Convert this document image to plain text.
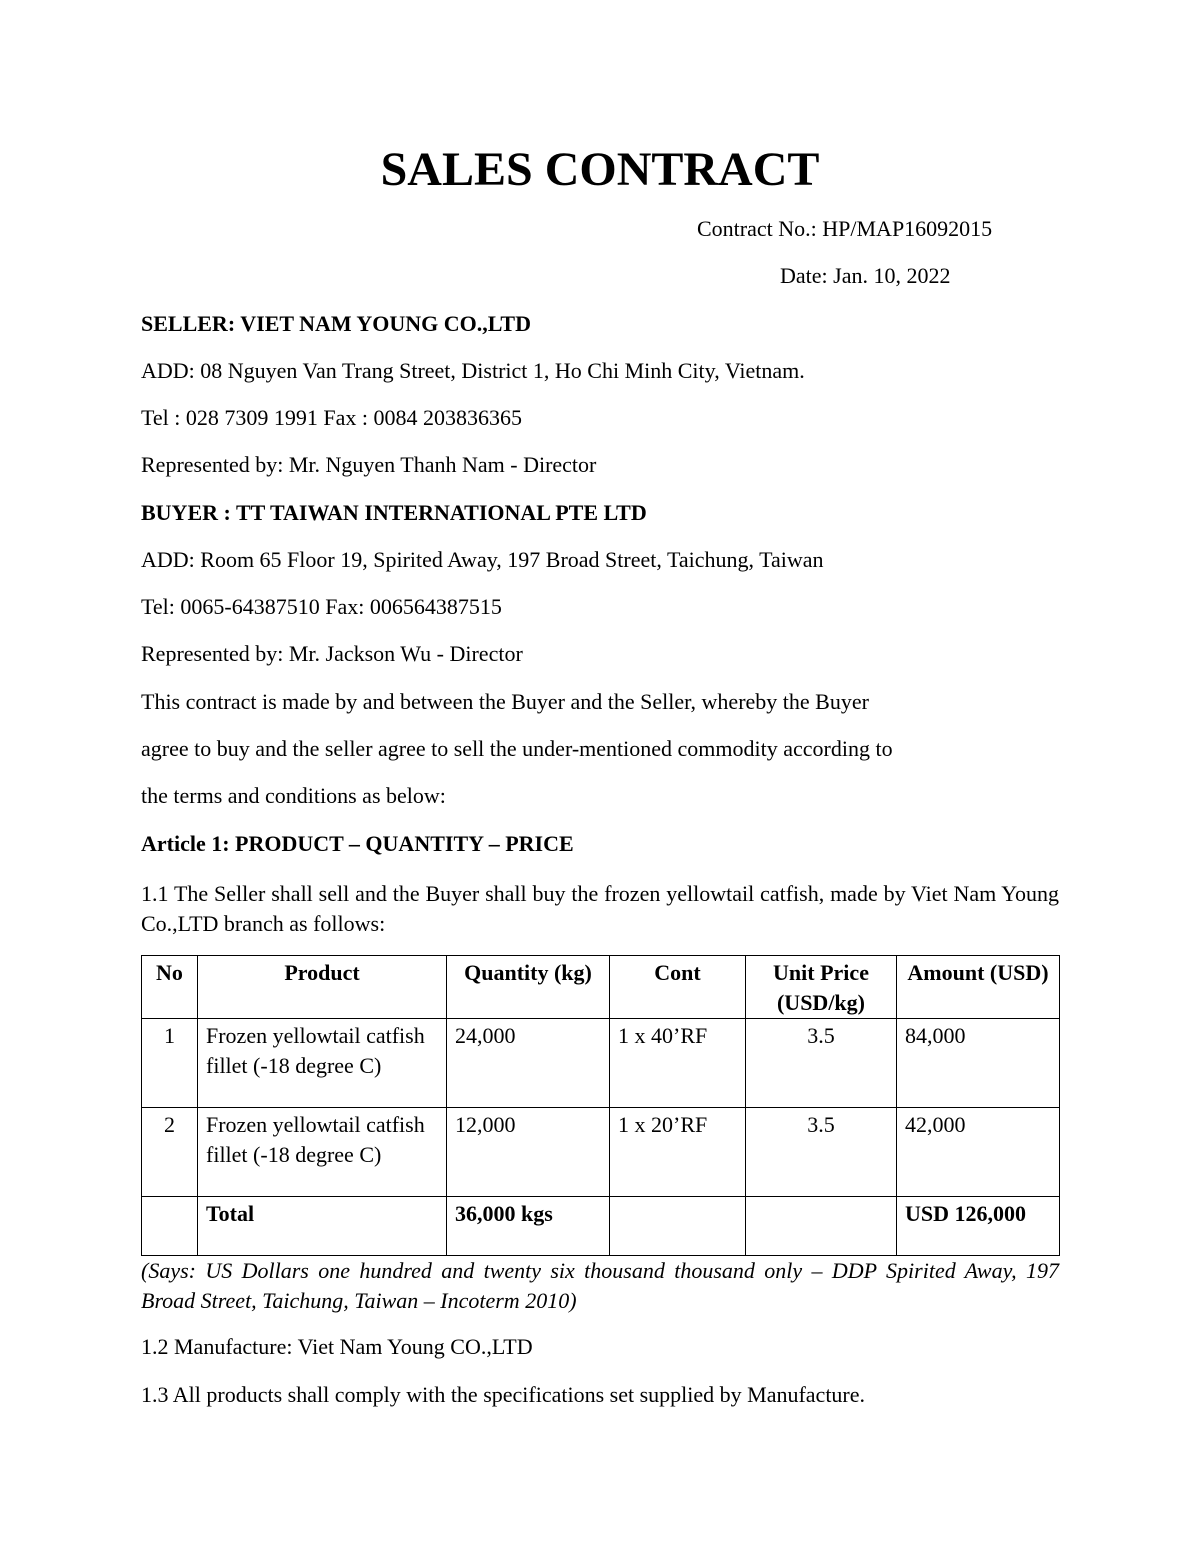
SALES CONTRACT
Contract No.: HP/MAP16092015
Date: Jan. 10, 2022
SELLER: VIET NAM YOUNG CO.,LTD
ADD: 08 Nguyen Van Trang Street, District 1, Ho Chi Minh City, Vietnam.
Tel : 028 7309 1991 Fax : 0084 203836365
Represented by: Mr. Nguyen Thanh Nam - Director
BUYER : TT TAIWAN INTERNATIONAL PTE LTD
ADD: Room 65 Floor 19, Spirited Away, 197 Broad Street, Taichung, Taiwan
Tel: 0065-64387510 Fax: 006564387515
Represented by: Mr. Jackson Wu - Director
This contract is made by and between the Buyer and the Seller, whereby the Buyer
agree to buy and the seller agree to sell the under-mentioned commodity according to
the terms and conditions as below:
Article 1: PRODUCT – QUANTITY – PRICE
1.1 The Seller shall sell and the Buyer shall buy the frozen yellowtail catfish, made by Viet Nam Young Co.,LTD branch as follows:
No	Product	Quantity (kg)	Cont	Unit Price (USD/kg)	Amount (USD)
1	Frozen yellowtail catfish fillet (-18 degree C)	24,000	1 x 40’RF	3.5	84,000
2	Frozen yellowtail catfish fillet (-18 degree C)	12,000	1 x 20’RF	3.5	42,000
	Total	36,000 kgs			USD 126,000
(Says: US Dollars one hundred and twenty six thousand thousand only – DDP Spirited Away, 197 Broad Street, Taichung, Taiwan – Incoterm 2010)
1.2 Manufacture: Viet Nam Young CO.,LTD
1.3 All products shall comply with the specifications set supplied by Manufacture.
